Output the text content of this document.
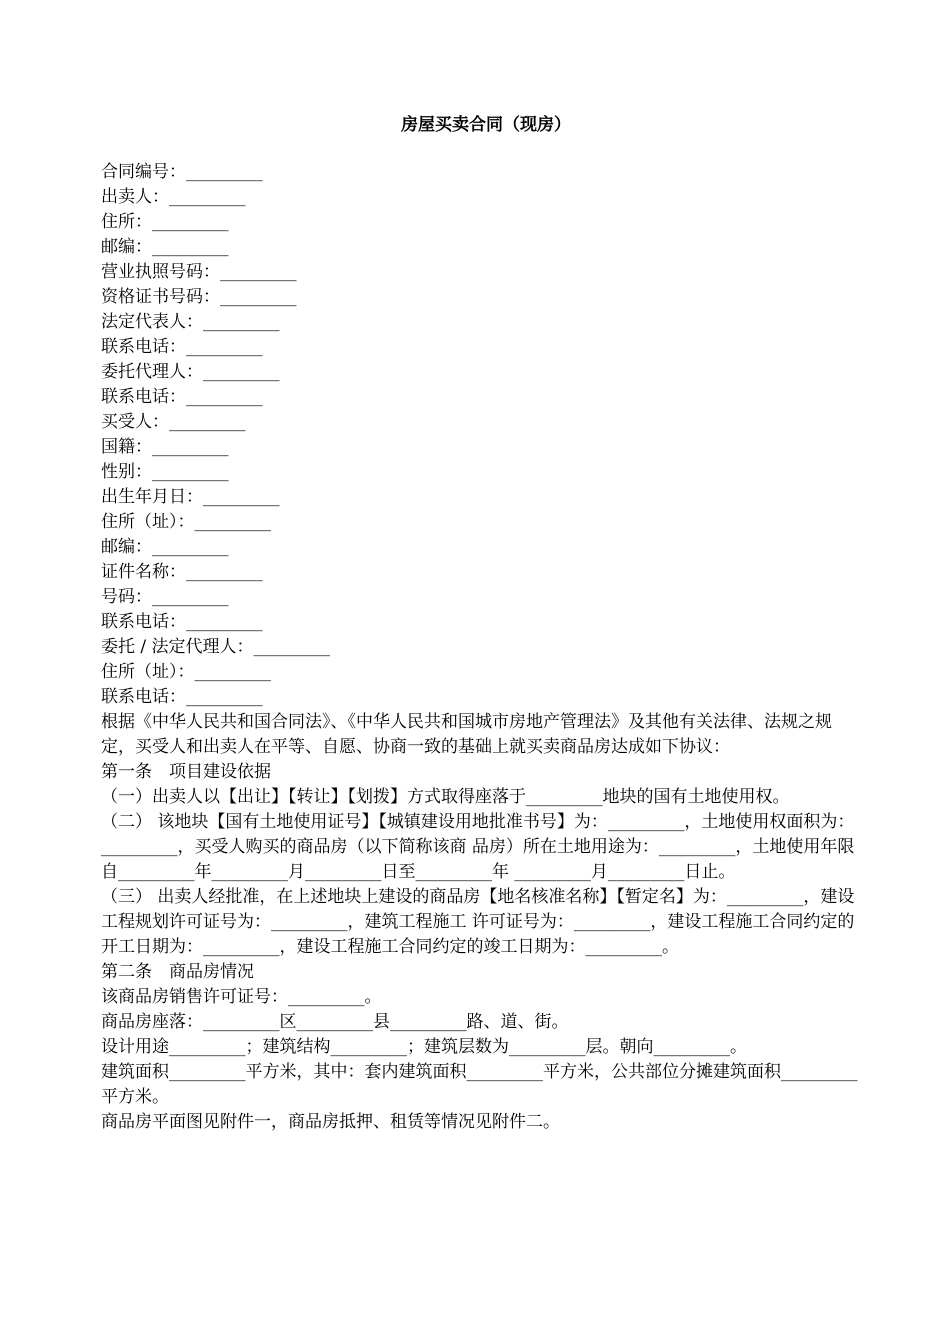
房屋买卖合同（现房）
合同编号：_________
出卖人：_________
住所：_________
邮编：_________
营业执照号码：_________
资格证书号码：_________
法定代表人：_________
联系电话：_________
委托代理人：_________
联系电话：_________
买受人：_________
国籍：_________
性别：_________
出生年月日：_________
住所（址）：_________
邮编：_________
证件名称：_________
号码：_________
联系电话：_________
委托 / 法定代理人：_________
住所（址）：_________
联系电话：_________
根据《中华人民共和国合同法》、《中华人民共和国城市房地产管理法》及其他有关法律、法规之规定，买受人和出卖人在平等、自愿、协商一致的基础上就买卖商品房达成如下协议：
第一条　项目建设依据
（一）出卖人以【出让】【转让】【划拨】方式取得座落于_________地块的国有土地使用权。
（二） 该地块【国有土地使用证号】【城镇建设用地批准书号】为：_________，土地使用权面积为：_________，买受人购买的商品房（以下简称该商 品房）所在土地用途为：_________，土地使用年限自_________年_________月_________日至_________年 _________月_________日止。
（三） 出卖人经批准，在上述地块上建设的商品房【地名核准名称】【暂定名】为：_________，建设工程规划许可证号为：_________，建筑工程施工 许可证号为：_________，建设工程施工合同约定的开工日期为：_________，建设工程施工合同约定的竣工日期为：_________。
第二条　商品房情况
该商品房销售许可证号：_________。
商品房座落：_________区_________县_________路、道、街。
设计用途_________；建筑结构_________；建筑层数为_________层。朝向_________。
建筑面积_________平方米，其中：套内建筑面积_________平方米，公共部位分摊建筑面积_________平方米。
商品房平面图见附件一，商品房抵押、租赁等情况见附件二。
